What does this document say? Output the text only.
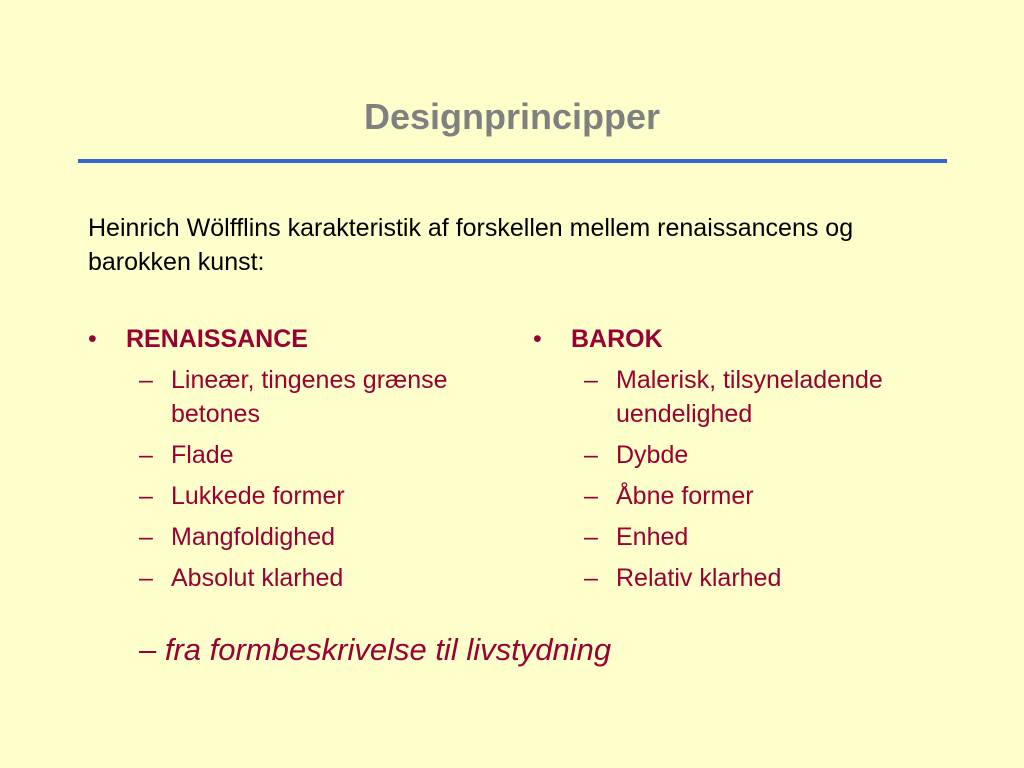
Designprincipper
Heinrich Wölfflins karakteristik af forskellen mellem renaissancens og barokken kunst:
• RENAISSANCE
– Lineær, tingenes grænse betones
– Flade
– Lukkede former
– Mangfoldighed
– Absolut klarhed
• BAROK
– Malerisk, tilsyneladende uendelighed
– Dybde
– Åbne former
– Enhed
– Relativ klarhed
– fra formbeskrivelse til livstydning
